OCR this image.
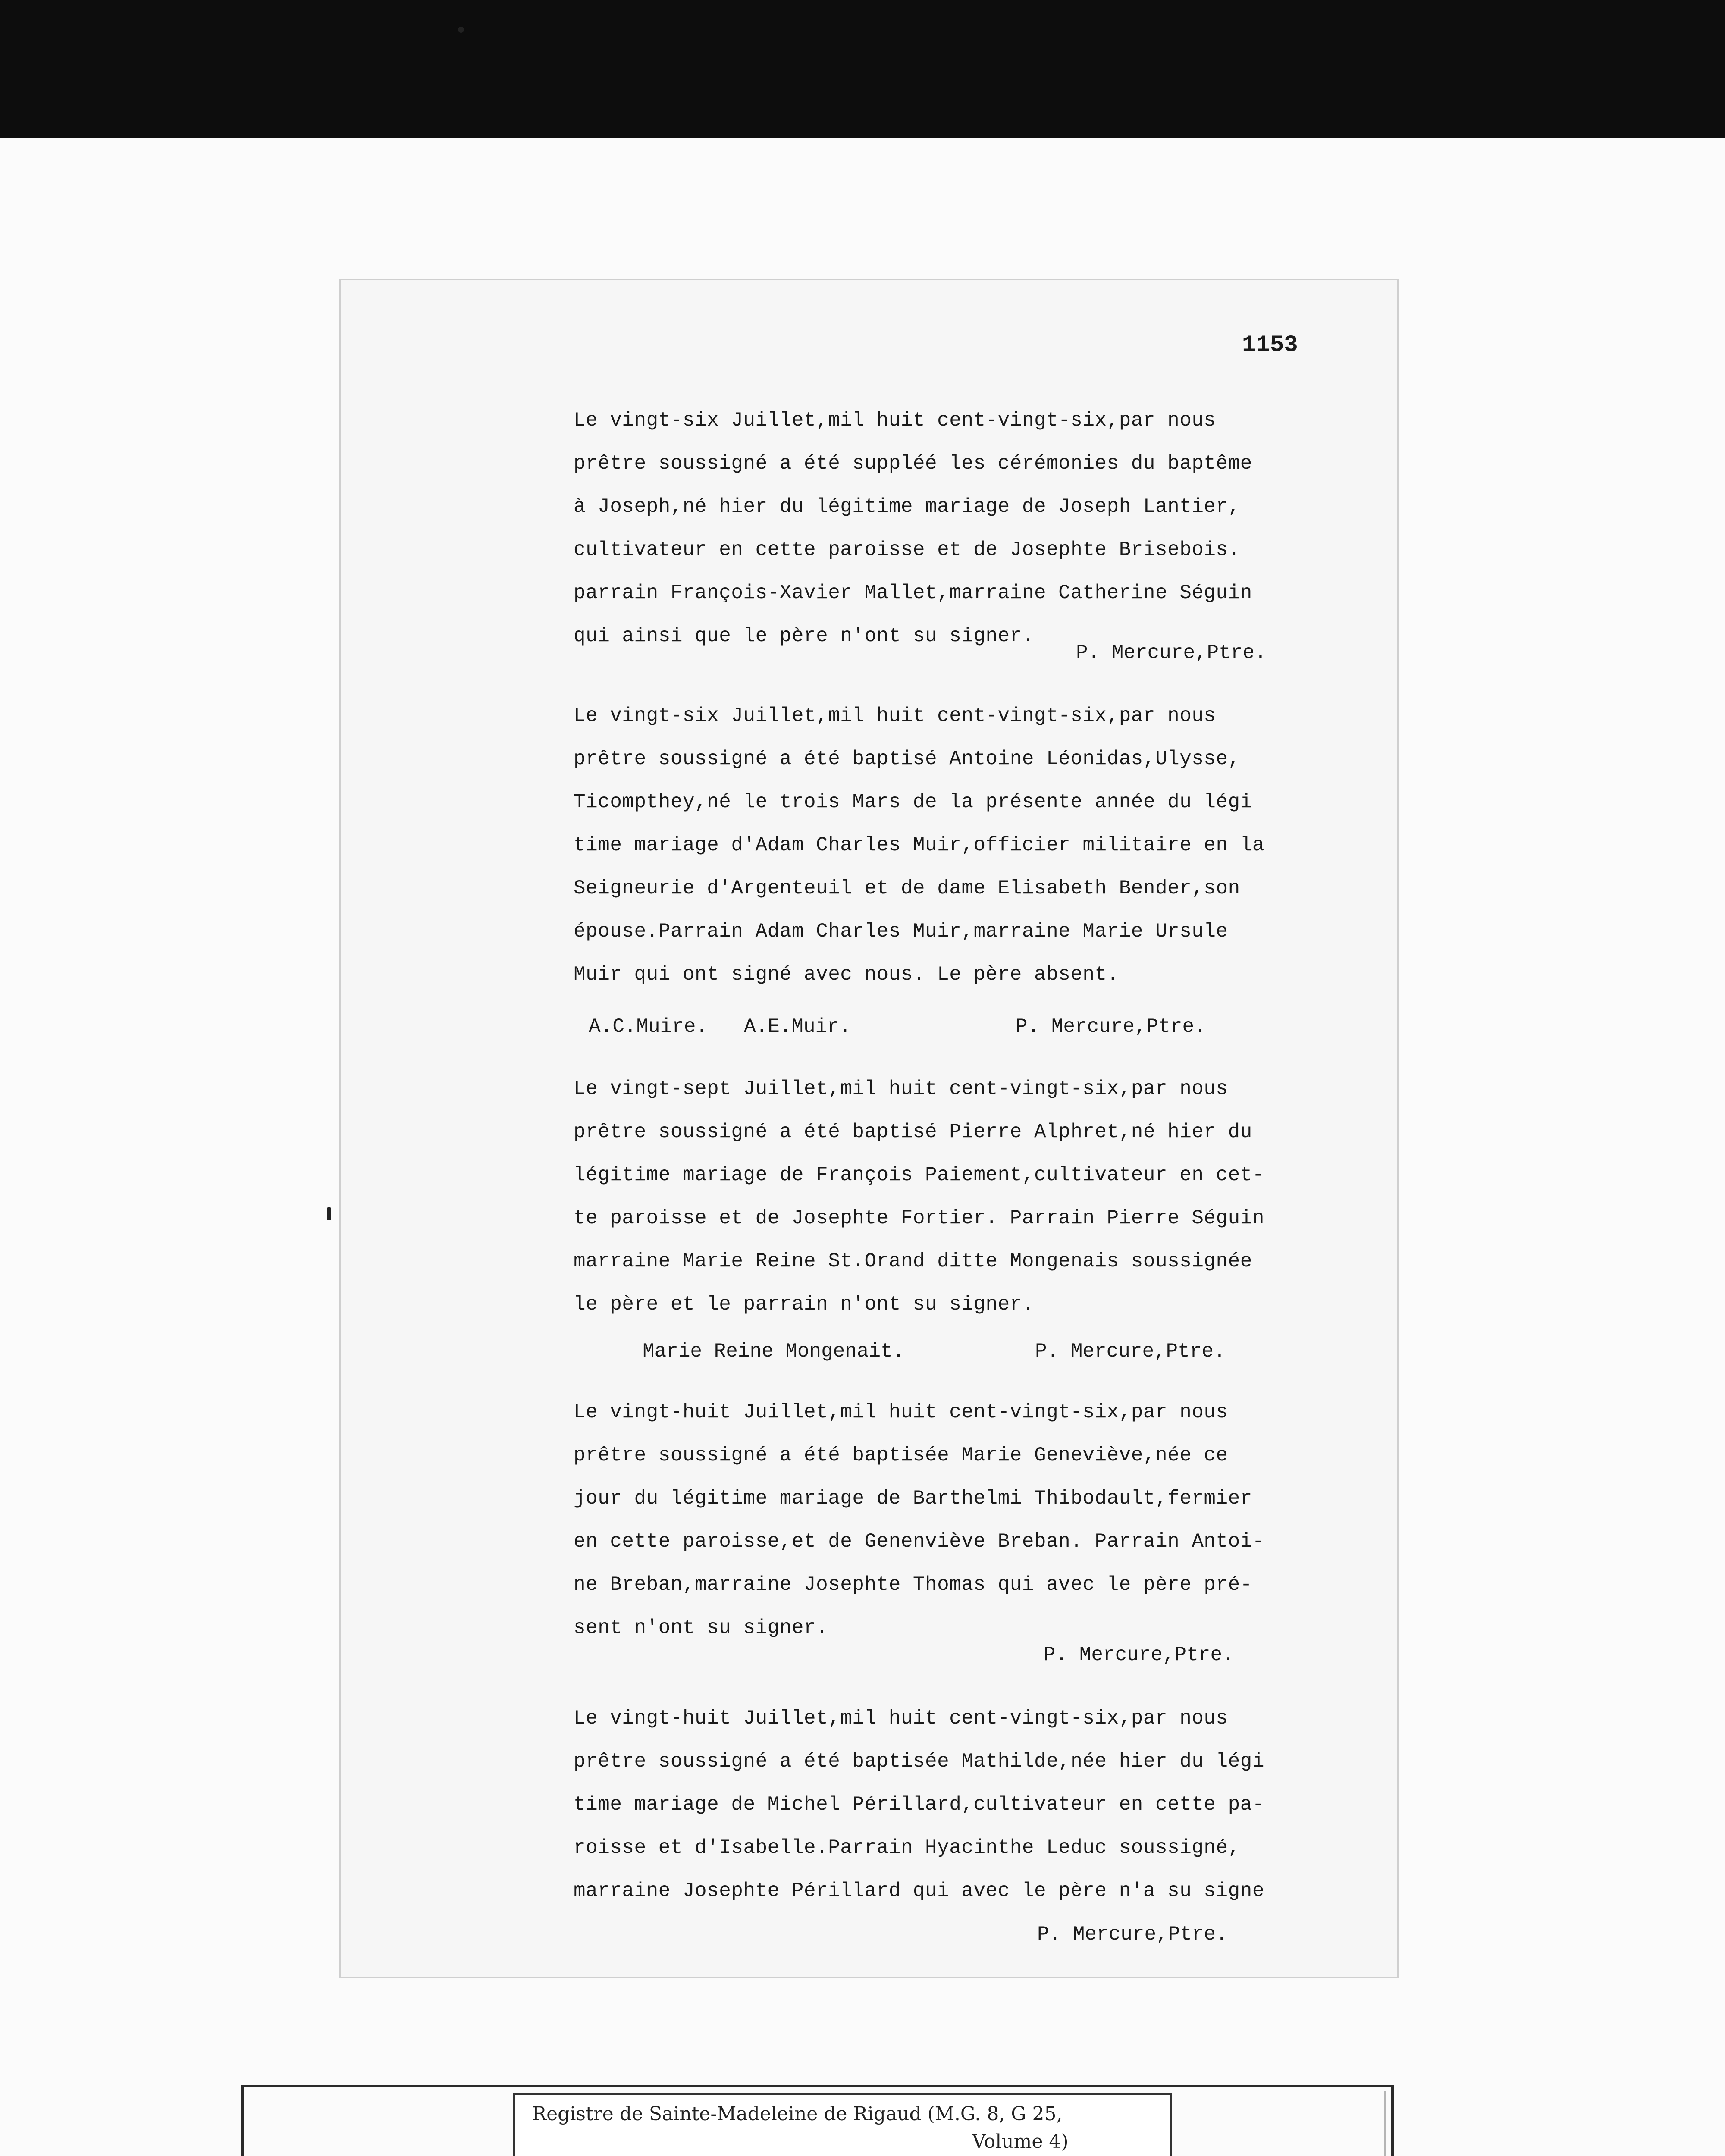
1153
Le vingt-six Juillet,mil huit cent-vingt-six,par nous
prêtre soussigné a été suppléé les cérémonies du baptême
à Joseph,né hier du légitime mariage de Joseph Lantier,
cultivateur en cette paroisse et de Josephte Brisebois.
parrain François-Xavier Mallet,marraine Catherine Séguin
qui ainsi que le père n'ont su signer.
P. Mercure,Ptre.
Le vingt-six Juillet,mil huit cent-vingt-six,par nous
prêtre soussigné a été baptisé Antoine Léonidas,Ulysse,
Ticompthey,né le trois Mars de la présente année du légi
time mariage d'Adam Charles Muir,officier militaire en la
Seigneurie d'Argenteuil et de dame Elisabeth Bender,son
épouse.Parrain Adam Charles Muir,marraine Marie Ursule
Muir qui ont signé avec nous. Le père absent.
A.C.Muire. A.E.Muir.	P. Mercure,Ptre.
Le vingt-sept Juillet,mil huit cent-vingt-six,par nous
prêtre soussigné a été baptisé Pierre Alphret,né hier du
légitime mariage de François Paiement,cultivateur en cet-
te paroisse et de Josephte Fortier. Parrain Pierre Séguin
marraine Marie Reine St.Orand ditte Mongenais soussignée
le père et le parrain n'ont su signer.
Marie Reine Mongenait.	P. Mercure,Ptre.
Le vingt-huit Juillet,mil huit cent-vingt-six,par nous
prêtre soussigné a été baptisée Marie Geneviève,née ce
jour du légitime mariage de Barthelmi Thibodault,fermier
en cette paroisse,et de Genenviève Breban. Parrain Antoi-
ne Breban,marraine Josephte Thomas qui avec le père pré-
sent n'ont su signer.
P. Mercure,Ptre.
Le vingt-huit Juillet,mil huit cent-vingt-six,par nous
prêtre soussigné a été baptisée Mathilde,née hier du légi
time mariage de Michel Périllard,cultivateur en cette pa-
roisse et d'Isabelle.Parrain Hyacinthe Leduc soussigné,
marraine Josephte Périllard qui avec le père n'a su signe
P. Mercure,Ptre.
Registre de Sainte-Madeleine de Rigaud (M.G. 8, G 25,
Volume 4)
